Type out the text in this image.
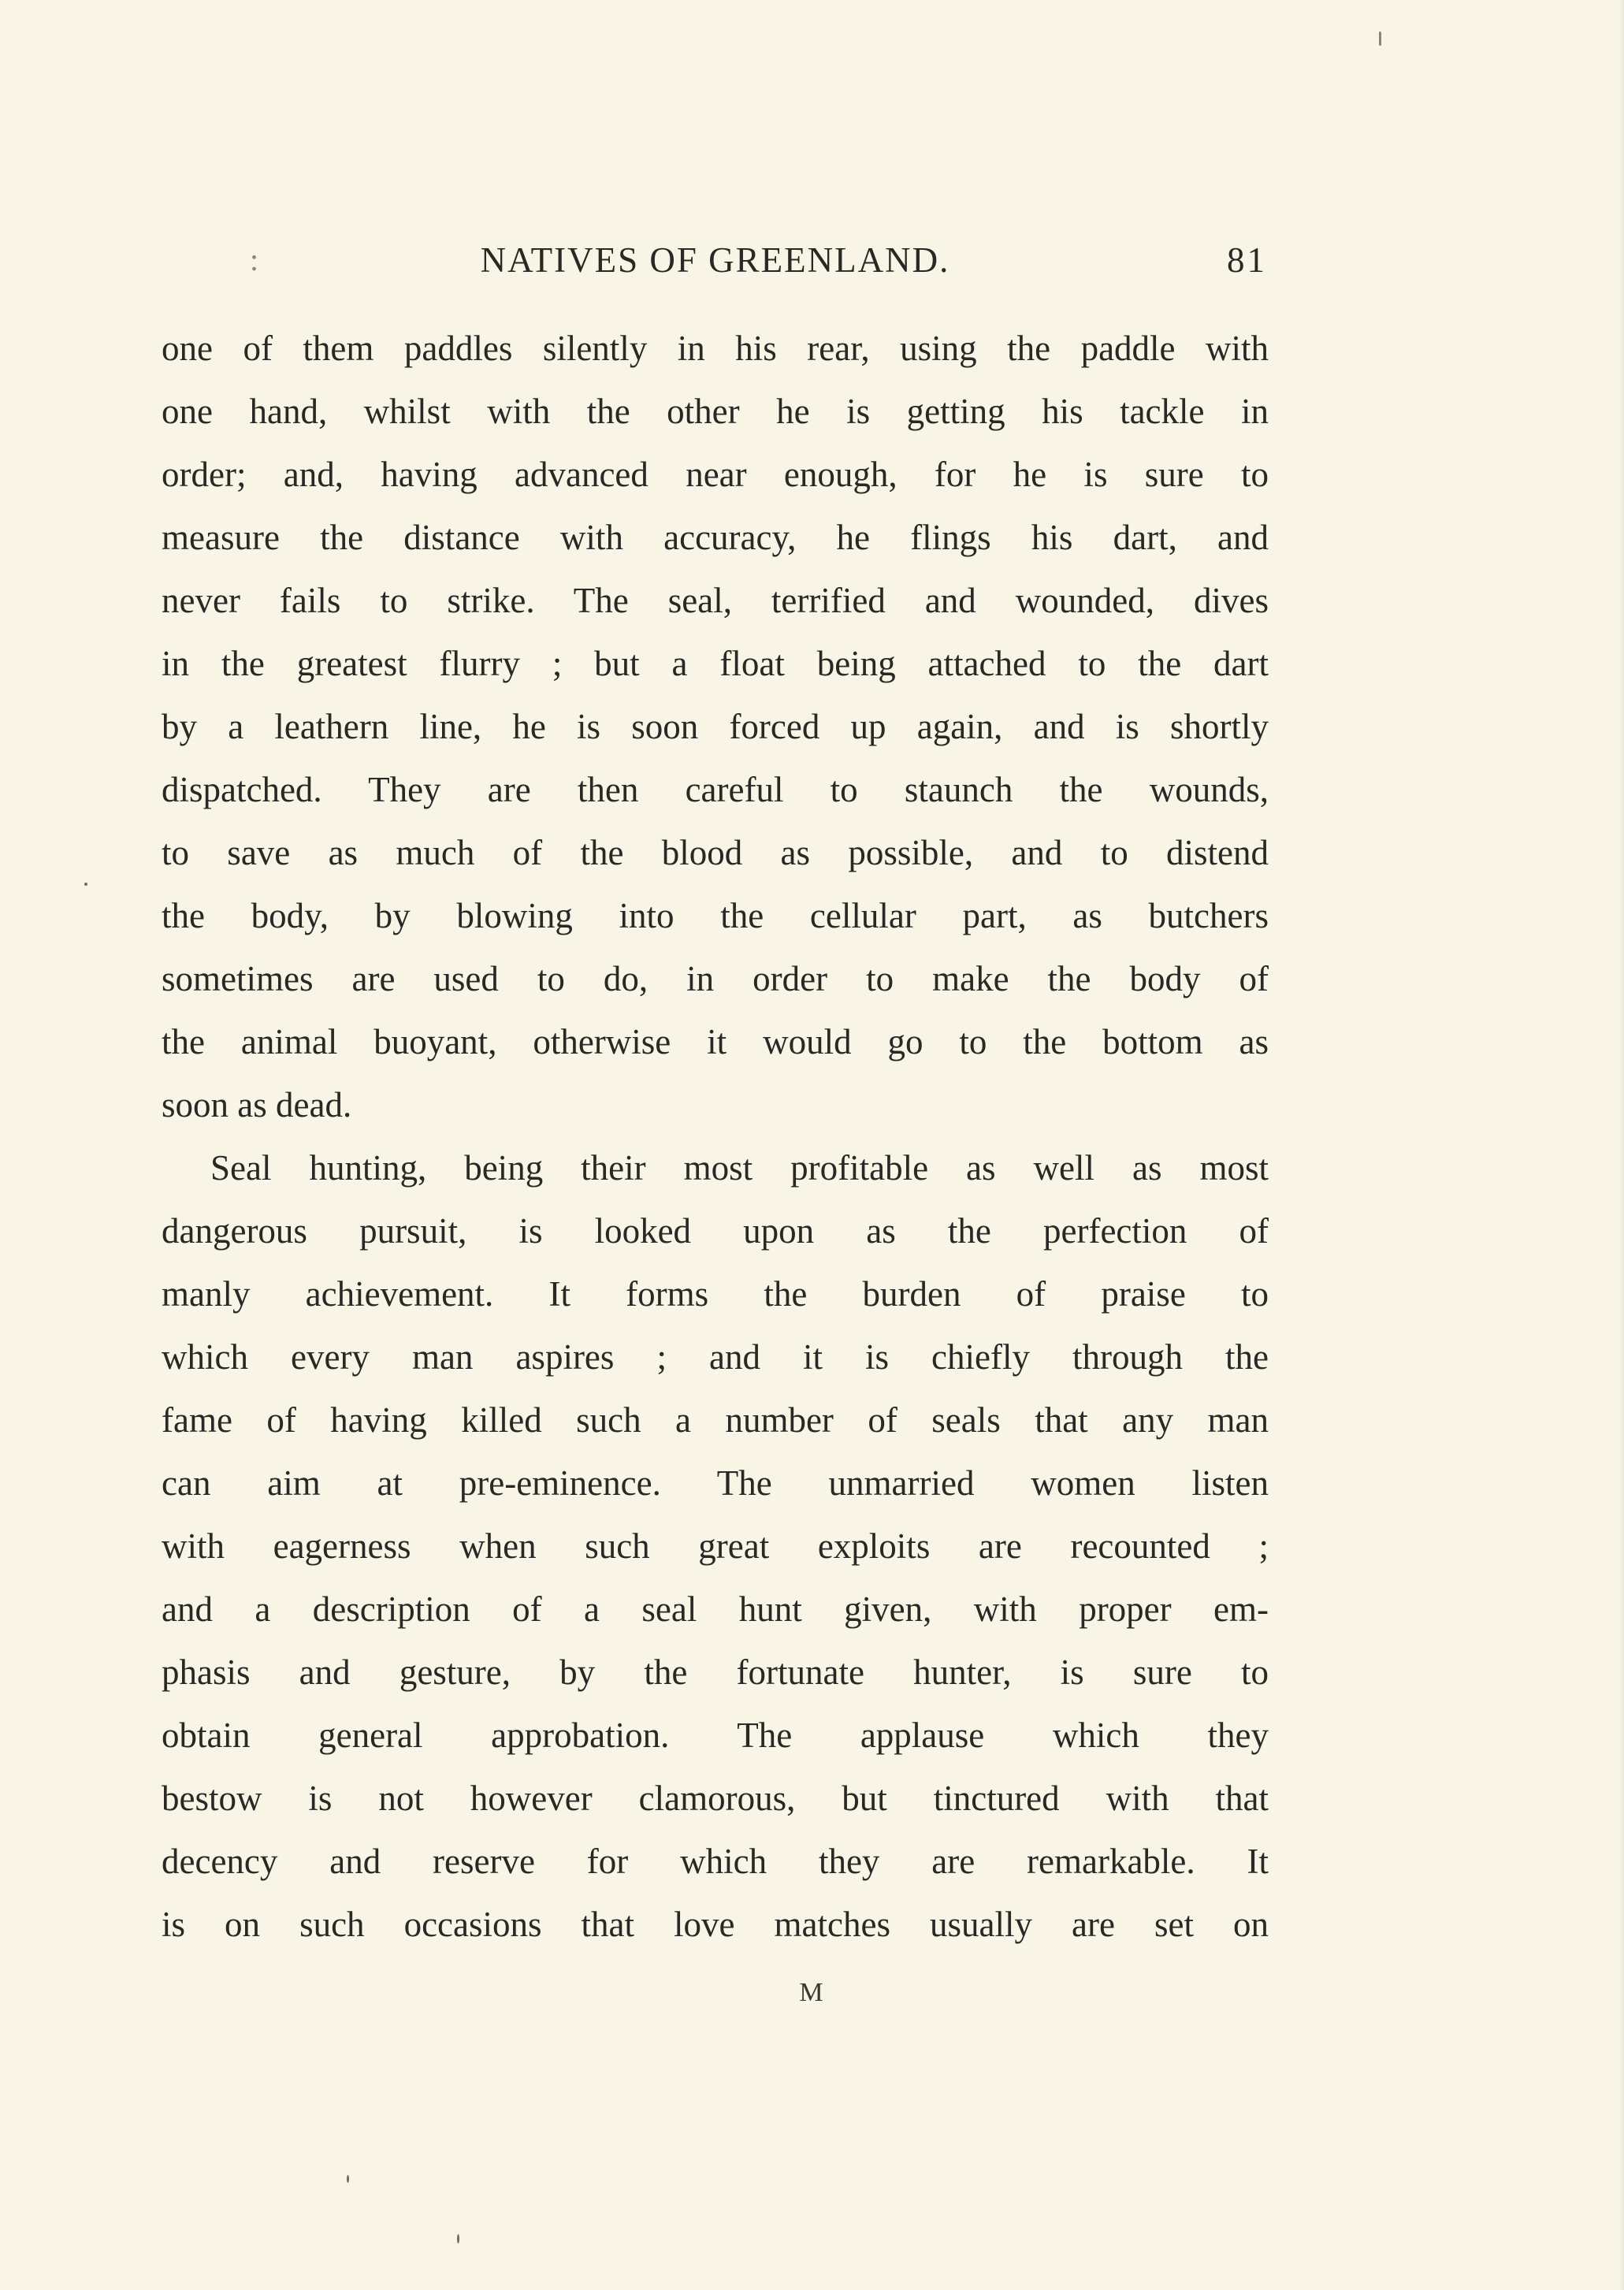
:	NATIVES OF GREENLAND.	81
one of them paddles silently in his rear, using the paddle with
one hand, whilst with the other he is getting his tackle in
order; and, having advanced near enough, for he is sure to
measure the distance with accuracy, he flings his dart, and
never fails to strike. The seal, terrified and wounded, dives
in the greatest flurry ; but a float being attached to the dart
by a leathern line, he is soon forced up again, and is shortly
dispatched. They are then careful to staunch the wounds,
to save as much of the blood as possible, and to distend
the body, by blowing into the cellular part, as butchers
sometimes are used to do, in order to make the body of
the animal buoyant, otherwise it would go to the bottom as
soon as dead.
Seal hunting, being their most profitable as well as most
dangerous pursuit, is looked upon as the perfection of
manly achievement. It forms the burden of praise to
which every man aspires ; and it is chiefly through the
fame of having killed such a number of seals that any man
can aim at pre-eminence. The unmarried women listen
with eagerness when such great exploits are recounted ;
and a description of a seal hunt given, with proper em-
phasis and gesture, by the fortunate hunter, is sure to
obtain general approbation. The applause which they
bestow is not however clamorous, but tinctured with that
decency and reserve for which they are remarkable. It
is on such occasions that love matches usually are set on
M
